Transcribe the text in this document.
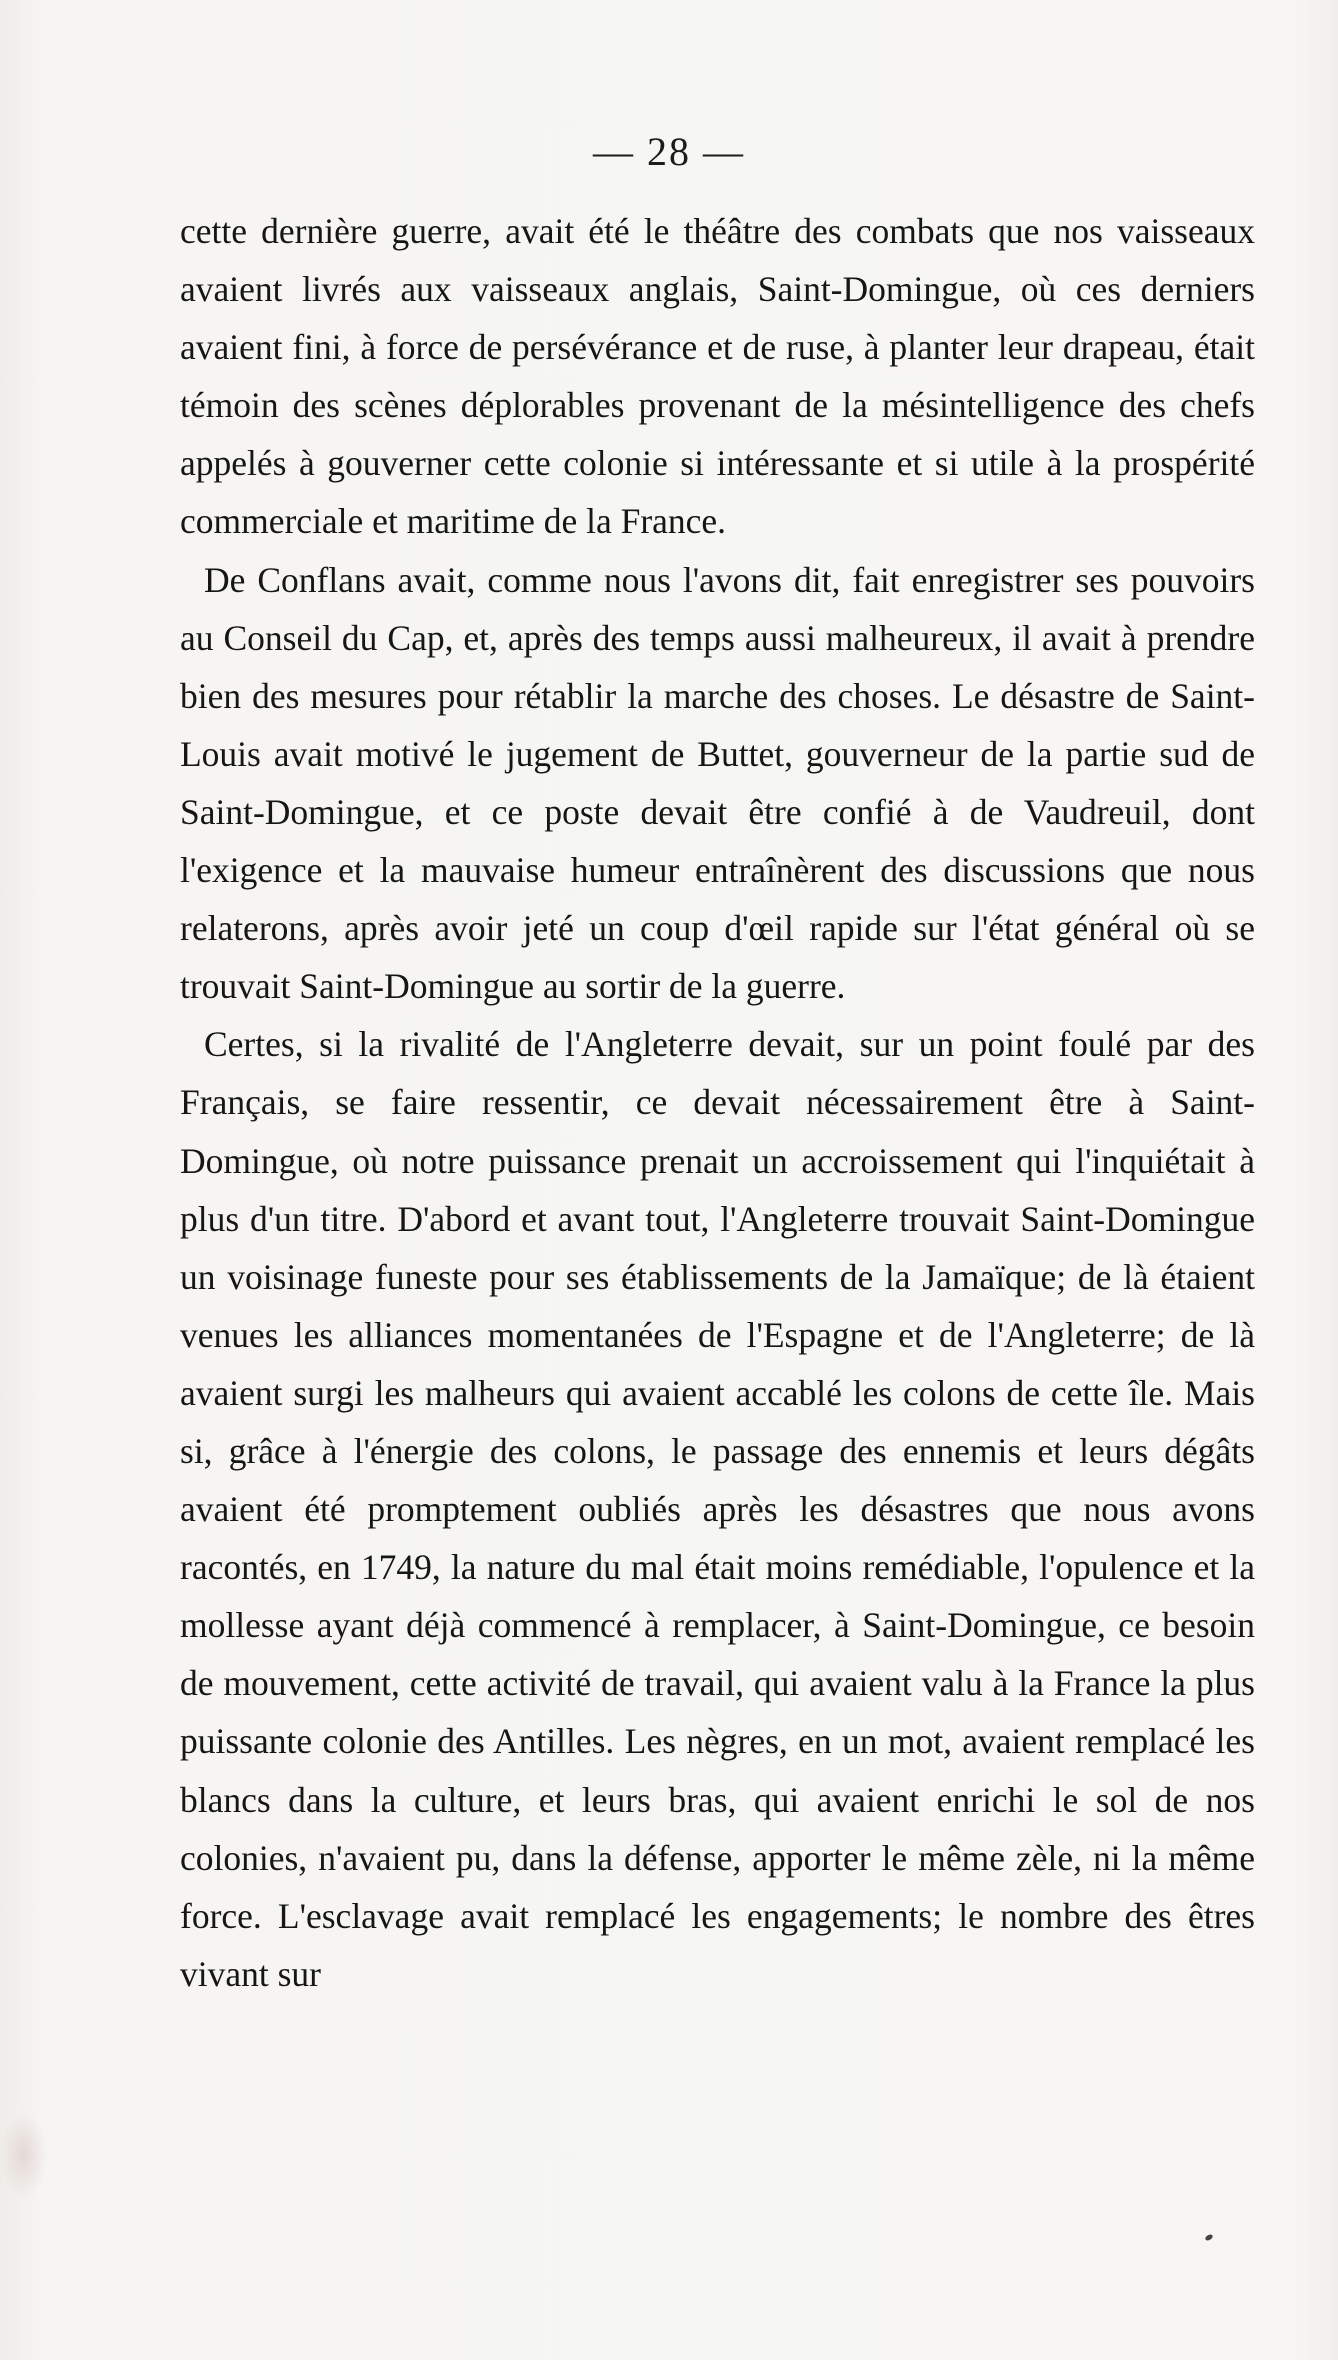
— 28 —

cette dernière guerre, avait été le théâtre des combats que nos vaisseaux avaient livrés aux vaisseaux anglais, Saint-Domingue, où ces derniers avaient fini, à force de persévérance et de ruse, à planter leur drapeau, était témoin des scènes déplorables provenant de la mésintelligence des chefs appelés à gouverner cette colonie si intéressante et si utile à la prospérité commerciale et maritime de la France.

De Conflans avait, comme nous l'avons dit, fait enregistrer ses pouvoirs au Conseil du Cap, et, après des temps aussi malheureux, il avait à prendre bien des mesures pour rétablir la marche des choses. Le désastre de Saint-Louis avait motivé le jugement de Buttet, gouverneur de la partie sud de Saint-Domingue, et ce poste devait être confié à de Vaudreuil, dont l'exigence et la mauvaise humeur entraînèrent des discussions que nous relaterons, après avoir jeté un coup d'œil rapide sur l'état général où se trouvait Saint-Domingue au sortir de la guerre.

Certes, si la rivalité de l'Angleterre devait, sur un point foulé par des Français, se faire ressentir, ce devait nécessairement être à Saint-Domingue, où notre puissance prenait un accroissement qui l'inquiétait à plus d'un titre. D'abord et avant tout, l'Angleterre trouvait Saint-Domingue un voisinage funeste pour ses établissements de la Jamaïque; de là étaient venues les alliances momentanées de l'Espagne et de l'Angleterre; de là avaient surgi les malheurs qui avaient accablé les colons de cette île. Mais si, grâce à l'énergie des colons, le passage des ennemis et leurs dégâts avaient été promptement oubliés après les désastres que nous avons racontés, en 1749, la nature du mal était moins remédiable, l'opulence et la mollesse ayant déjà commencé à remplacer, à Saint-Domingue, ce besoin de mouvement, cette activité de travail, qui avaient valu à la France la plus puissante colonie des Antilles. Les nègres, en un mot, avaient remplacé les blancs dans la culture, et leurs bras, qui avaient enrichi le sol de nos colonies, n'avaient pu, dans la défense, apporter le même zèle, ni la même force. L'esclavage avait remplacé les engagements; le nombre des êtres vivant sur
